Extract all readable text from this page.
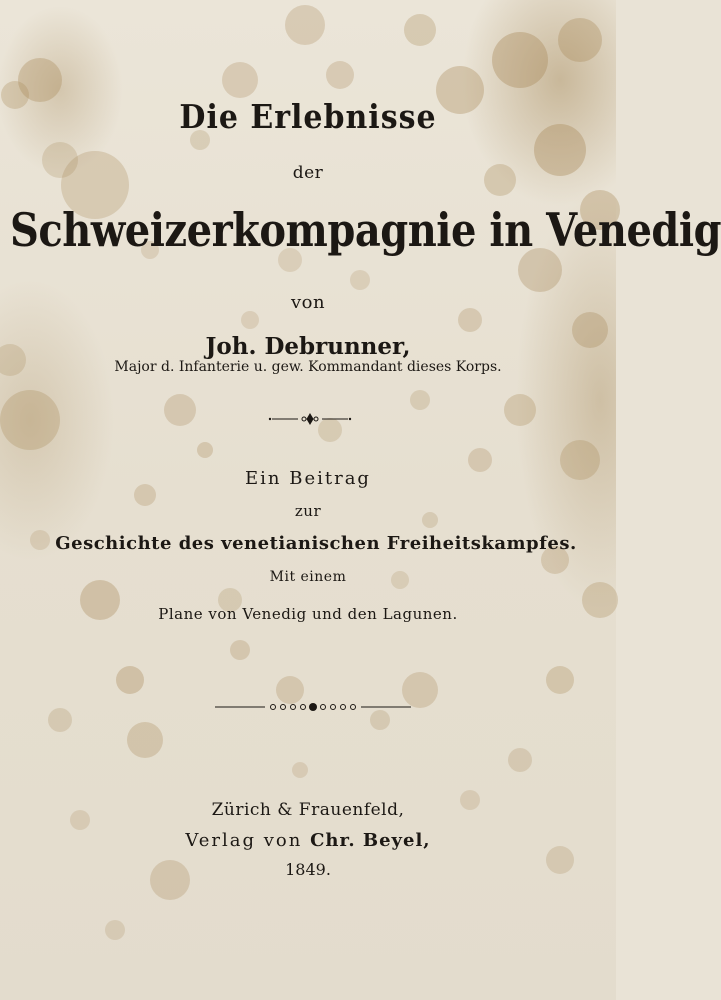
Die Erlebnisse
der
Schweizerkompagnie in Venedig
von
Joh. Debrunner,
Major d. Infanterie u. gew. Kommandant dieses Korps.
Ein Beitrag
zur
Geschichte des venetianischen Freiheitskampfes.
Mit einem
Plane von Venedig und den Lagunen.
Zürich & Frauenfeld,
Verlag von Chr. Beyel,
1849.
